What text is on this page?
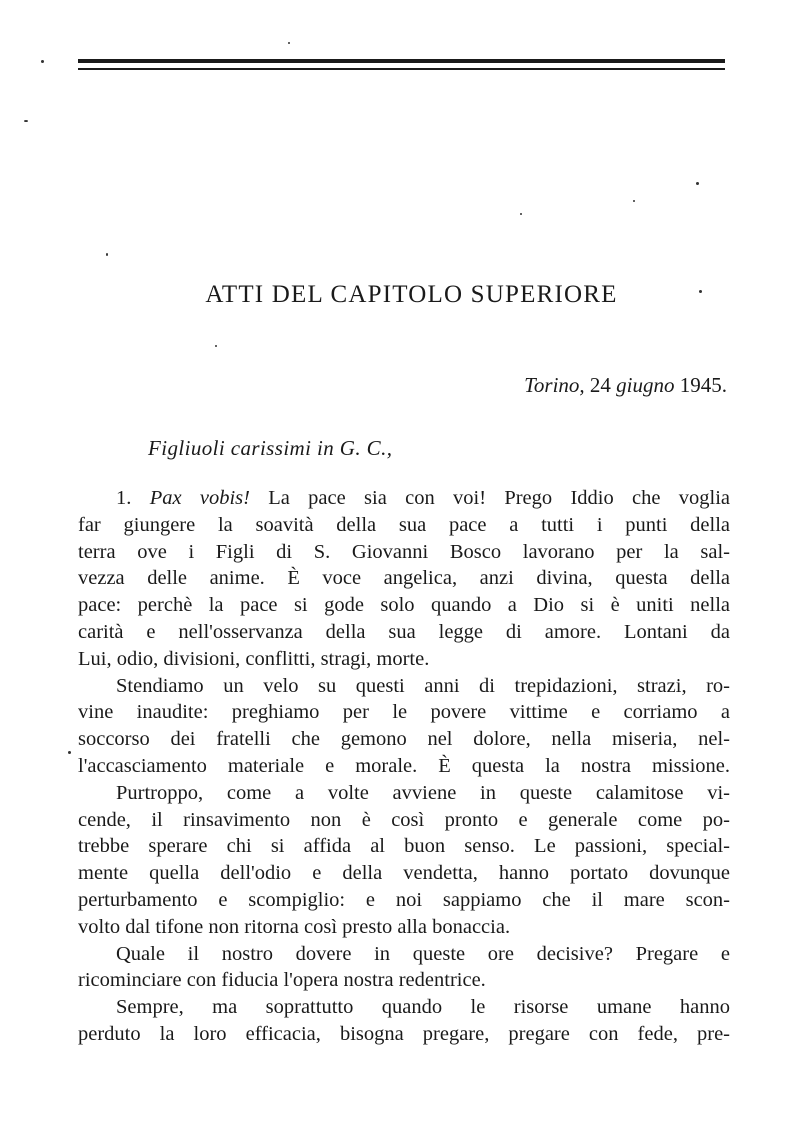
ATTI DEL CAPITOLO SUPERIORE

Torino, 24 giugno 1945.

Figliuoli carissimi in G. C.,

1. Pax vobis! La pace sia con voi! Prego Iddio che voglia
far giungere la soavità della sua pace a tutti i punti della
terra ove i Figli di S. Giovanni Bosco lavorano per la sal-
vezza delle anime. È voce angelica, anzi divina, questa della
pace: perchè la pace si gode solo quando a Dio si è uniti nella
carità e nell'osservanza della sua legge di amore. Lontani da
Lui, odio, divisioni, conflitti, stragi, morte.
Stendiamo un velo su questi anni di trepidazioni, strazi, ro-
vine inaudite: preghiamo per le povere vittime e corriamo a
soccorso dei fratelli che gemono nel dolore, nella miseria, nel-
l'accasciamento materiale e morale. È questa la nostra missione.
Purtroppo, come a volte avviene in queste calamitose vi-
cende, il rinsavimento non è così pronto e generale come po-
trebbe sperare chi si affida al buon senso. Le passioni, special-
mente quella dell'odio e della vendetta, hanno portato dovunque
perturbamento e scompiglio: e noi sappiamo che il mare scon-
volto dal tifone non ritorna così presto alla bonaccia.
Quale il nostro dovere in queste ore decisive? Pregare e
ricominciare con fiducia l'opera nostra redentrice.
Sempre, ma soprattutto quando le risorse umane hanno
perduto la loro efficacia, bisogna pregare, pregare con fede, pre-
